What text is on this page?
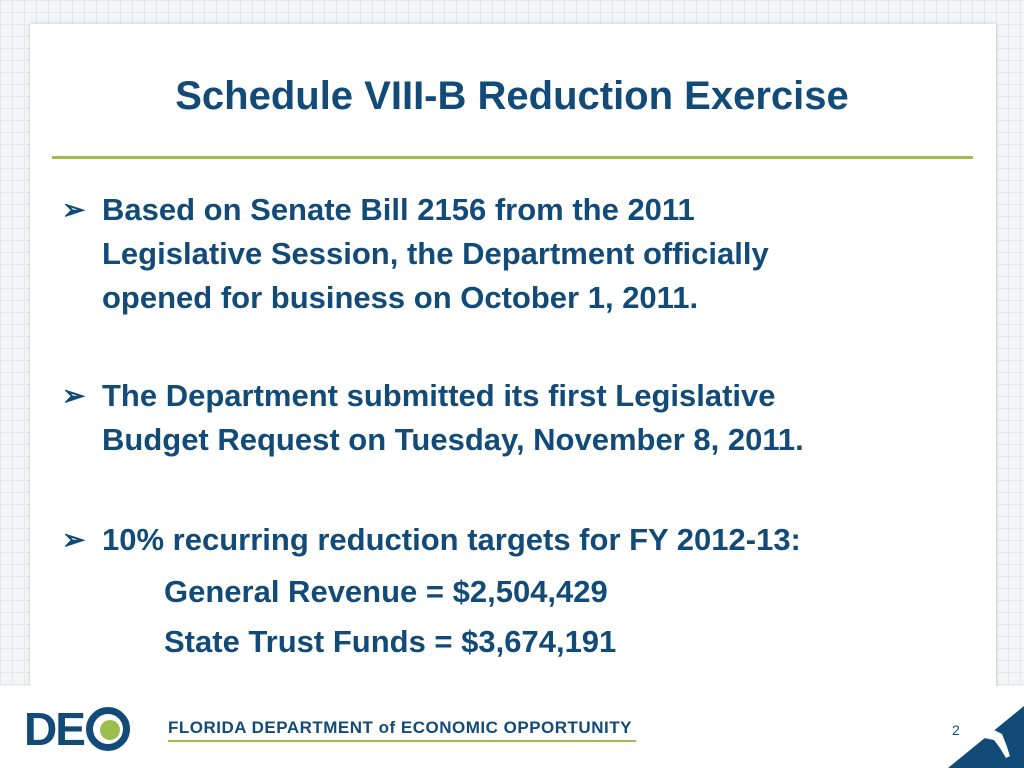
Schedule VIII-B Reduction Exercise
➢ Based on Senate Bill 2156 from the 2011
Legislative Session, the Department officially
opened for business on October 1, 2011.
➢ The Department submitted its first Legislative
Budget Request on Tuesday, November 8, 2011.
➢ 10% recurring reduction targets for FY 2012-13:
General Revenue = $2,504,429
State Trust Funds = $3,674,191
DE	FLORIDA DEPARTMENT of ECONOMIC OPPORTUNITY	2
